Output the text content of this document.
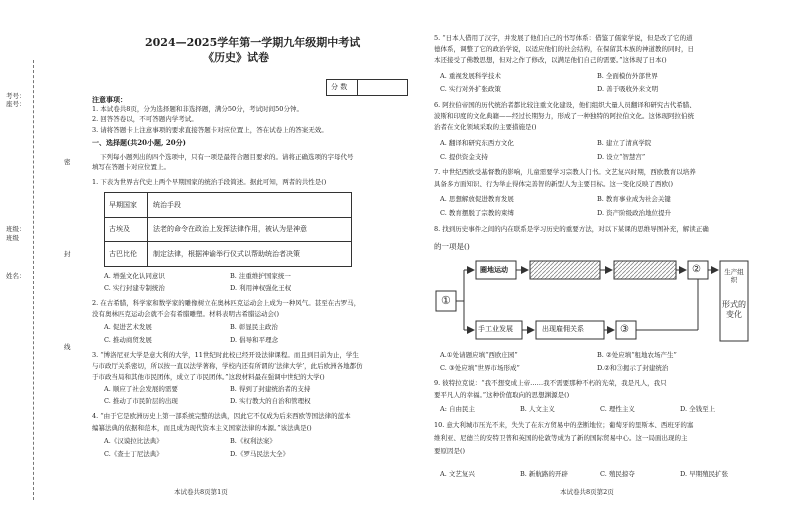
考号：
座号：
密
班级：
班级
封
姓名：
线
2024—2025学年第一学期九年级期中考试
《历史》试卷
分 数
注意事项：
1. 本试卷共8页，分为选择题和非选择题，满分50分，考试时间50分钟。
2. 回答答卷以，不可答题内学考试。
3. 请将答题卡上注意事项的要求直接答题卡对应位置上，答在试卷上的答案无效。
一、选择题(共20小题, 20分)
下列每小题列出的四个选项中，只有一项是最符合题目要求的。请将正确选项的字母代号
填写在答题卡对应位置上。
1. 下表为世界古代史上两个早期国家的统治手段简述。据此可知，两者的共性是()
早期国家 统治手段
古埃及	法老的命令在政治上发挥法律作用，被认为是神意
古巴比伦 制定法律，根据神谕举行仪式以帮助统治者决策
A. 增强文化认同意识	B. 注重维护国家统一
C. 实行封建专制统治	D. 利用神权强化王权
2. 在古希腊，科学家和数学家的雕像树立在奥林匹克运动会上成为一种风气。甚至在古罗马，
没有奥林匹克运动会就不会有希腊雕塑。材料表明古希腊运动会()
A. 促进艺术发展	B. 彰显民主政治
C. 推动商贸发展	D. 倡导和平理念
3. “博洛尼亚大学是意大利的大学，11世纪时此校已经开设法律课程。而且到目前为止，学生
与市政厅关系密切，所以按一直以法学著称，学校内还有所谓的‘法律大学’，此后欧洲各地都仿
于市政当局和其他市民团体，成立了市民团体。”这段材料最在强调中世纪的大学()
A. 顺应了社会发展的需要	B. 得到了封建统治者的支持
C. 推动了市民阶层的出现	D. 实行教大的自治和管理权
4. “由于它是欧洲历史上第一部系统完整的法典，因此它不仅成为后来西欧等国法律的蓝本
编纂法典的依据和范本，而且成为现代资本主义国家法律的本源。”该法典是()
A.《汉谟拉比法典》	B.《权利法案》
C.《查士丁尼法典》	D.《罗马民法大全》
本试卷共8页第1页
5. “日本人借用了汉字，并发展了他们自己的书写体系：借鉴了儒家学说，但是改了它的道
德体系，调整了它的政治学说，以适应他们的社会结构，在保留其本族的神道教的同时，日
本还接受了佛教思想，但对之作了修改，以满足他们自己的需要。”这体现了日本()
A. 重视发展科学技术	B. 全面模仿外部世界
C. 实行对外扩张政策	D. 善于吸收外来文明
6. 阿拉伯帝国的历代统治者都比较注重文化建设，他们组织大量人员翻译和研究古代希腊、
波斯和印度的文化典籍——经过长期努力，形成了一种独特的阿拉伯文化。这体现阿拉伯统
治者在文化领域采取的主要措施是()
A. 翻译和研究东西方文化	B. 建立了清真学院
C. 提供资金支持	D. 设立“智慧宫”
7. 中世纪西欧受基督教的影响，儿童需要学习宗教人门书。文艺复兴时期，西欧教育以培养
具备多方面知识、行为举止得体完善智的新型人为主要目标。这一变化反映了西欧()
A. 思想解放促进教育发展	B. 教育事业成为社会关键
C. 教育摆脱了宗教的束缚	D. 资产阶级政治地位提升
8. 找到历史事件之间的内在联系是学习历史的重要方法，对以下某课的思维导图补充，解读正确
的一项是()
①
圈地运动	②
手工业发展	出现雇佣关系	③
生产组织
形式的变化
A.①处请题应填“西欧庄园”	B. ②处应填“租地农场产生”
C. ③处应填“世界市场形成”	D.②和③揭示了封建统治
9. 彼特拉克说：“我不想变成上帝……我不需要那种不朽的光荣，我是凡人，我只
要平凡人的幸福。”这种价值取向的思想渊源是()
A: 自由民主	B. 人文主义	C. 理性主义	D. 全钱至上
10. 意大利城市压光不来，失失了在东方贸易中的垄断地位；葡萄牙的里斯本、西班牙的塞
维利亚、尼德兰的安特卫普和英国的伦敦等成为了新的国际贸易中心。这一局面出现的主
要原因是()
A. 文艺复兴	B. 新航路的开辟	C. 殖民掠夺	D. 早期殖民扩张
本试卷共8页第2页
